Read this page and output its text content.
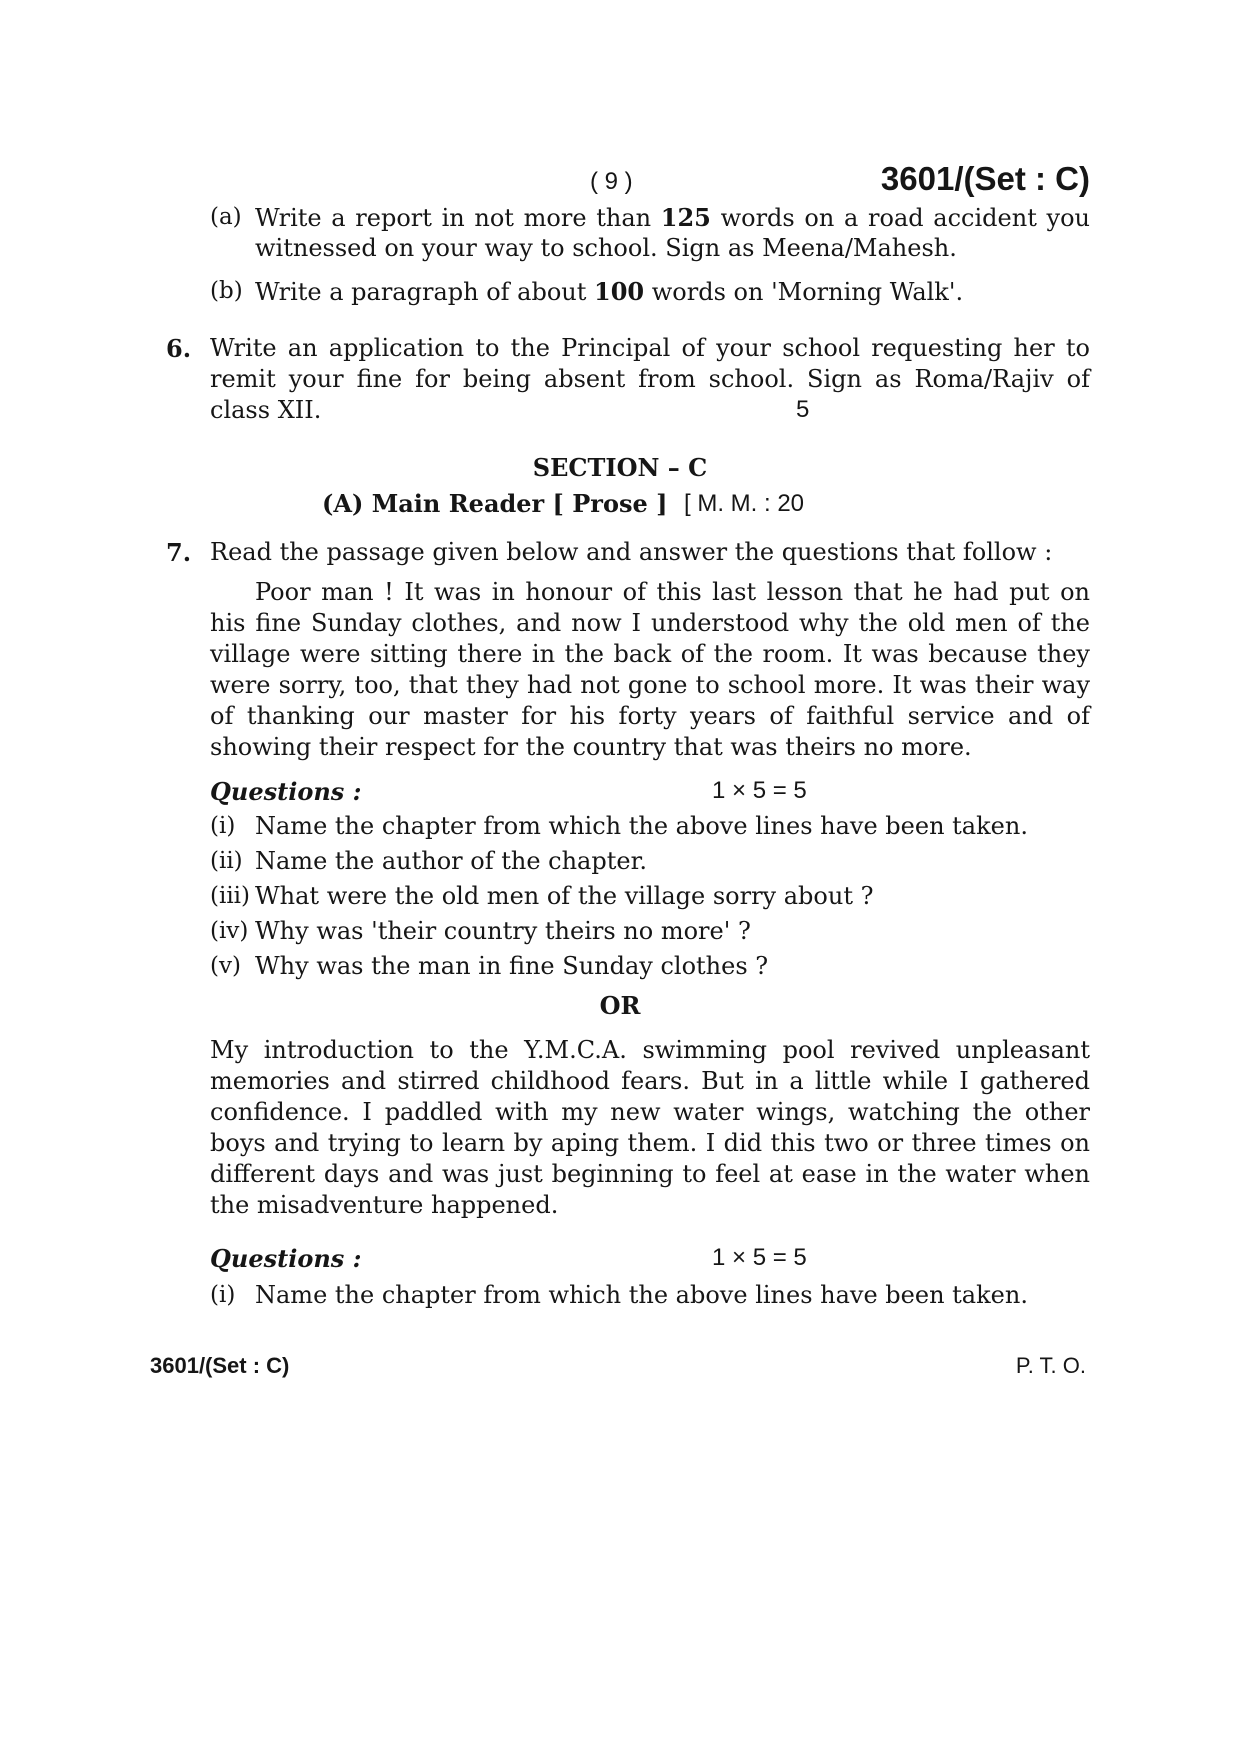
( 9 )	3601/(Set : C)
(a) Write a report in not more than 125 words on a road accident you
witnessed on your way to school. Sign as Meena/Mahesh.
(b) Write a paragraph of about 100 words on 'Morning Walk'.
6. Write an application to the Principal of your school requesting her to
remit your fine for being absent from school. Sign as Roma/Rajiv of
class XII.	5
SECTION – C
(A) Main Reader [ Prose ] [ M. M. : 20
7. Read the passage given below and answer the questions that follow :
Poor man ! It was in honour of this last lesson that he had put on
his fine Sunday clothes, and now I understood why the old men of the
village were sitting there in the back of the room. It was because they
were sorry, too, that they had not gone to school more. It was their way
of thanking our master for his forty years of faithful service and of
showing their respect for the country that was theirs no more.
Questions :	1 × 5 = 5
(i) Name the chapter from which the above lines have been taken.
(ii) Name the author of the chapter.
(iii) What were the old men of the village sorry about ?
(iv) Why was 'their country theirs no more' ?
(v) Why was the man in fine Sunday clothes ?
OR
My introduction to the Y.M.C.A. swimming pool revived unpleasant
memories and stirred childhood fears. But in a little while I gathered
confidence. I paddled with my new water wings, watching the other
boys and trying to learn by aping them. I did this two or three times on
different days and was just beginning to feel at ease in the water when
the misadventure happened.
Questions :	1 × 5 = 5
(i) Name the chapter from which the above lines have been taken.
3601/(Set : C)	P. T. O.
